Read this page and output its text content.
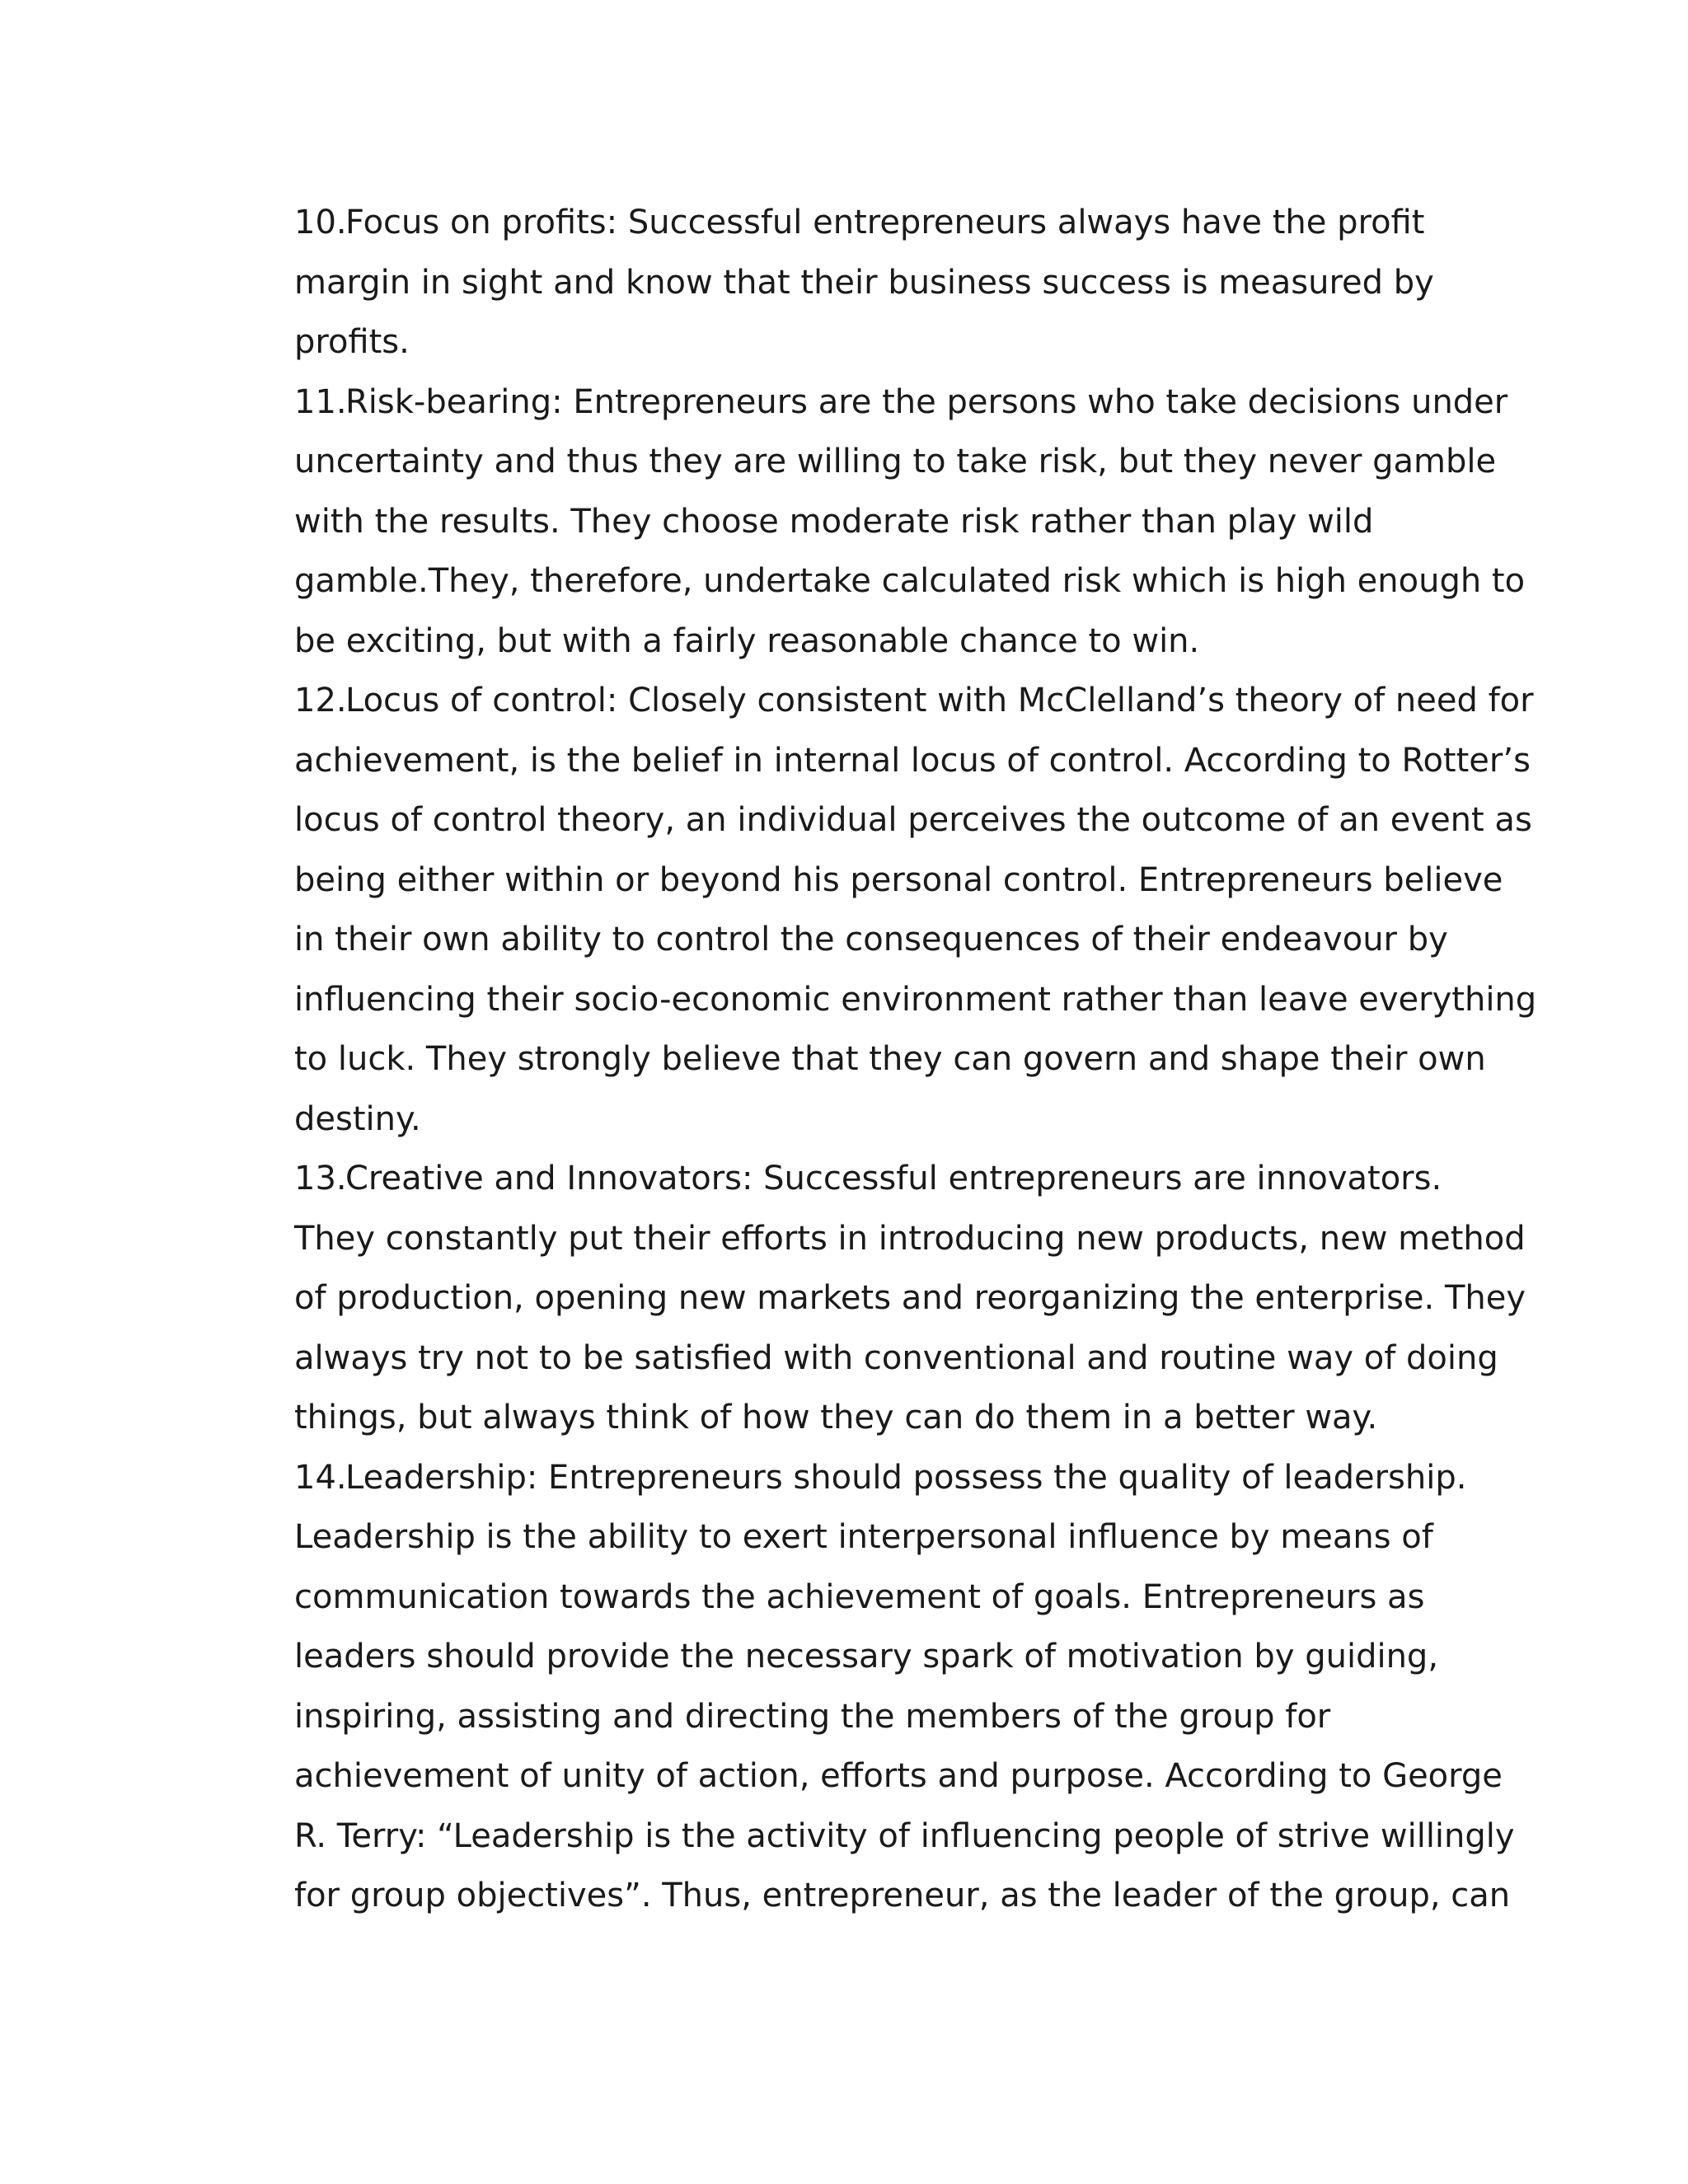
10.Focus on profits: Successful entrepreneurs always have the profit
margin in sight and know that their business success is measured by
profits.
11.Risk-bearing: Entrepreneurs are the persons who take decisions under
uncertainty and thus they are willing to take risk, but they never gamble
with the results. They choose moderate risk rather than play wild
gamble.They, therefore, undertake calculated risk which is high enough to
be exciting, but with a fairly reasonable chance to win.
12.Locus of control: Closely consistent with McClelland’s theory of need for
achievement, is the belief in internal locus of control. According to Rotter’s
locus of control theory, an individual perceives the outcome of an event as
being either within or beyond his personal control. Entrepreneurs believe
in their own ability to control the consequences of their endeavour by
influencing their socio-economic environment rather than leave everything
to luck. They strongly believe that they can govern and shape their own
destiny.
13.Creative and Innovators: Successful entrepreneurs are innovators.
They constantly put their efforts in introducing new products, new method
of production, opening new markets and reorganizing the enterprise. They
always try not to be satisfied with conventional and routine way of doing
things, but always think of how they can do them in a better way.
14.Leadership: Entrepreneurs should possess the quality of leadership.
Leadership is the ability to exert interpersonal influence by means of
communication towards the achievement of goals. Entrepreneurs as
leaders should provide the necessary spark of motivation by guiding,
inspiring, assisting and directing the members of the group for
achievement of unity of action, efforts and purpose. According to George
R. Terry: “Leadership is the activity of influencing people of strive willingly
for group objectives”. Thus, entrepreneur, as the leader of the group, can
